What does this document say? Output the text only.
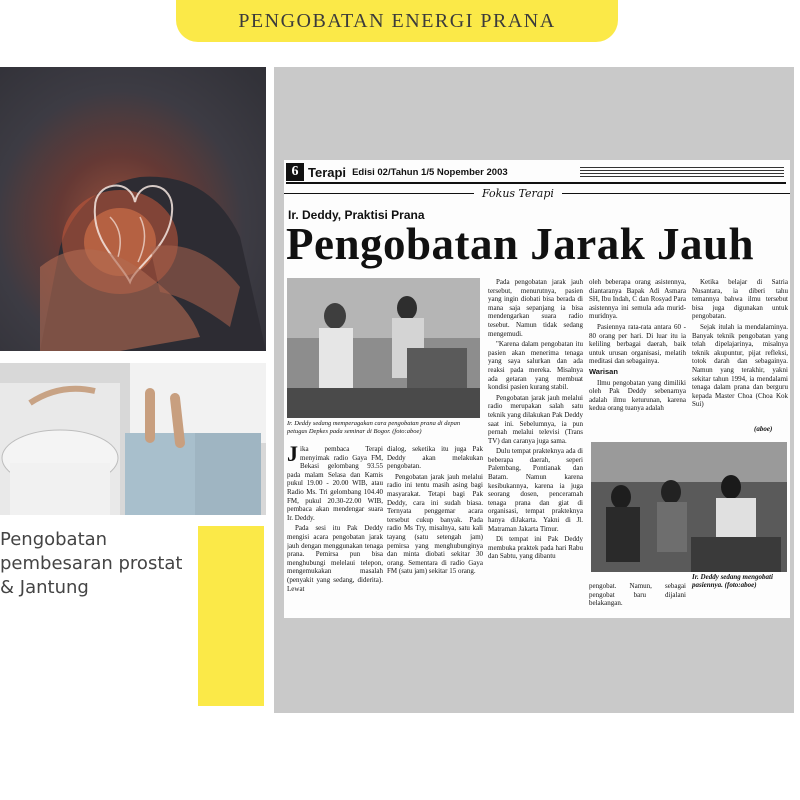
PENGOBATAN ENERGI PRANA
Pengobatan pembesaran prostat & Jantung
6 Terapi Edisi 02/Tahun 1/5 Nopember 2003
Fokus Terapi
Ir. Deddy, Praktisi Prana
Pengobatan Jarak Jauh
Ir. Deddy sedang memperagakan cara pengobatan prana di depan petugas Depkes pada seminar di Bogor. (foto:aboe)

Jika pembaca Terapi menyimak radio Gaya FM, Bekasi gelombang 93.55 pada malam Selasa dan Kamis pukul 19.00 - 20.00 WIB, atau Radio Ms. Tri gelombang 104.40 FM, pukul 20.30-22.00 WIB, pembaca akan mendengar suara Ir. Deddy.

Pada sesi itu Pak Deddy mengisi acara pengobatan jarak jauh dengan menggunakan tenaga prana. Pemirsa pun bisa menghubungi melelaui telepon, mengemukakan masalah (penyakit yang sedang, diderita). Lewat

dialog, seketika itu juga Pak Deddy akan melakukan pengobatan.

Pengobatan jarak jauh melalui radio ini tentu masih asing bagi masyarakat. Tetapi bagi Pak Deddy, cara ini sudah biasa. Ternyata penggemar acara tersebut cukup banyak. Pada radio Ms Try, misalnya, satu kali tayang (satu setengah jam) pemirsa yang menghubunginya dan minta diobati sekitar 30 orang. Sementara di radio Gaya FM (satu jam) sekitar 15 orang.

Pada pengobatan jarak jauh tersebut, menurutnya, pasien yang ingin diobati bisa berada di mana saja sepanjang ia bisa mendengarkan suara radio tesebut. Namun tidak sedang mengemudi.

"Karena dalam pengobatan itu pasien akan menerima tenaga yang saya salurkan dan ada reaksi pada mereka. Misalnya ada getaran yang membuat kondisi pasien kurang stabil.

Pengobatan jarak jauh melalui radio merupakan salah satu teknik yang dilakukan Pak Deddy saat ini. Sebelumnya, ia pun pernah melalui televisi (Trans TV) dan caranya juga sama.

Dulu tempat prakteknya ada di beberapa daerah, seperi Palembang, Pontianak dan Batam. Namun karena kesibukannya, karena ia juga seorang dosen, penceramah tenaga prana dan giat di organisasi, tempat prakteknya hanya diJakarta. Yakni di Jl. Matraman Jakarta Timur.

Di tempat ini Pak Deddy membuka praktek pada hari Rabu dan Sabtu, yang dibantu

oleh beberapa orang asistennya, diantaranya Bapak Adi Asmara SH, Ibu Indah, C dan Rosyad Para asistennya ini semula ada murid-muridnya.

Pasiennya rata-rata antara 60 - 80 orang per hari. Di luar itu ia keliling berbagai daerah, baik untuk urusan organisasi, melatih meditasi dan sebagainya.

Warisan

Ilmu pengobatan yang dimiliki oleh Pak Deddy sebenarnya adalah ilmu keturunan, karena kedua orang tuanya adalah

Ketika belajar di Satria Nusantara, ia diberi tahu temannya bahwa ilmu tersebut bisa juga digunakan untuk pengobatan.

Sejak itulah ia mendalaminya. Banyak teknik pengobatan yang telah dipelajarinya, misalnya teknik akupuntur, pijat refleksi, totok darah dan sebagainya. Namun yang terakhir, yakni sekitar tahun 1994, ia mendalami tenaga dalam prana dan berguru kepada Master Choa (Choa Kok Sui)

(aboe)

pengobat. Namun, sebagai pengobat baru dijalani belakangan.

Ir. Deddy sedang mengobati pasiennya. (foto:aboe)
